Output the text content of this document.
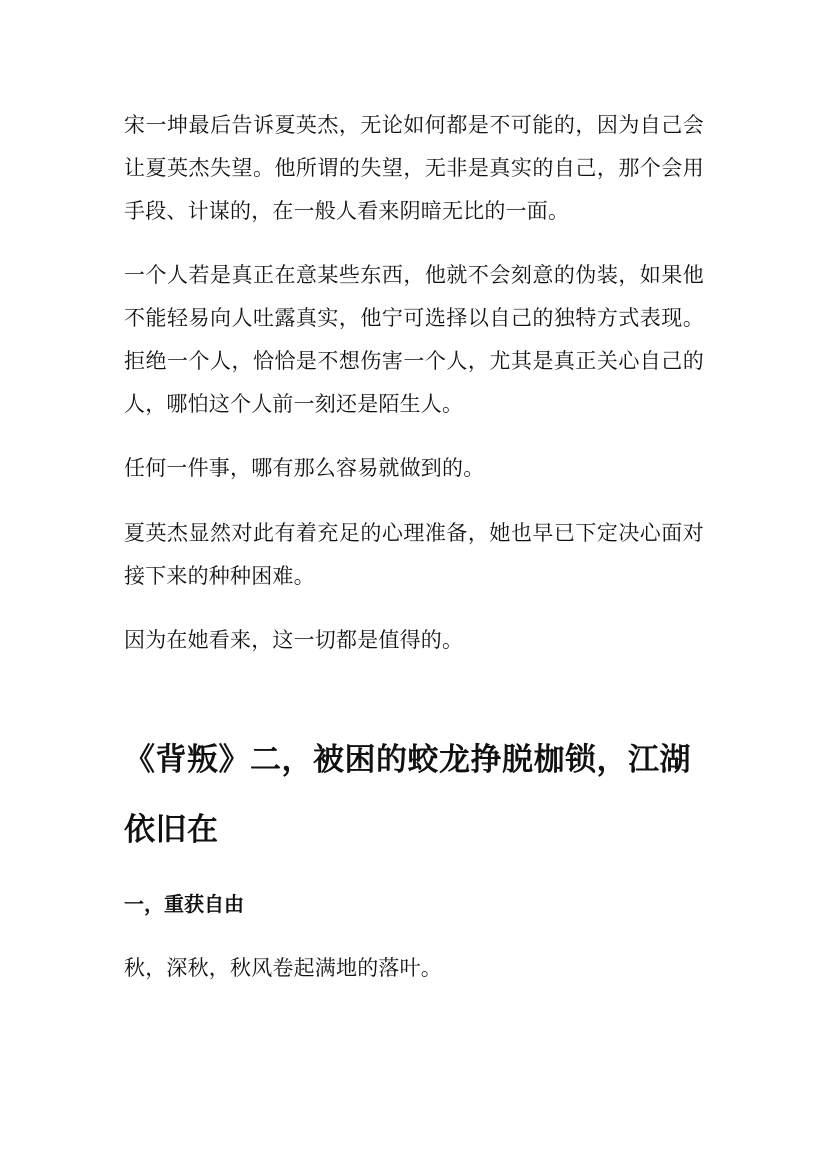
宋一坤最后告诉夏英杰，无论如何都是不可能的，因为自己会让夏英杰失望。他所谓的失望，无非是真实的自己，那个会用手段、计谋的，在一般人看来阴暗无比的一面。

一个人若是真正在意某些东西，他就不会刻意的伪装，如果他不能轻易向人吐露真实，他宁可选择以自己的独特方式表现。拒绝一个人，恰恰是不想伤害一个人，尤其是真正关心自己的人，哪怕这个人前一刻还是陌生人。

任何一件事，哪有那么容易就做到的。

夏英杰显然对此有着充足的心理准备，她也早已下定决心面对接下来的种种困难。

因为在她看来，这一切都是值得的。

《背叛》二，被困的蛟龙挣脱枷锁，江湖依旧在
一，重获自由

秋，深秋，秋风卷起满地的落叶。
